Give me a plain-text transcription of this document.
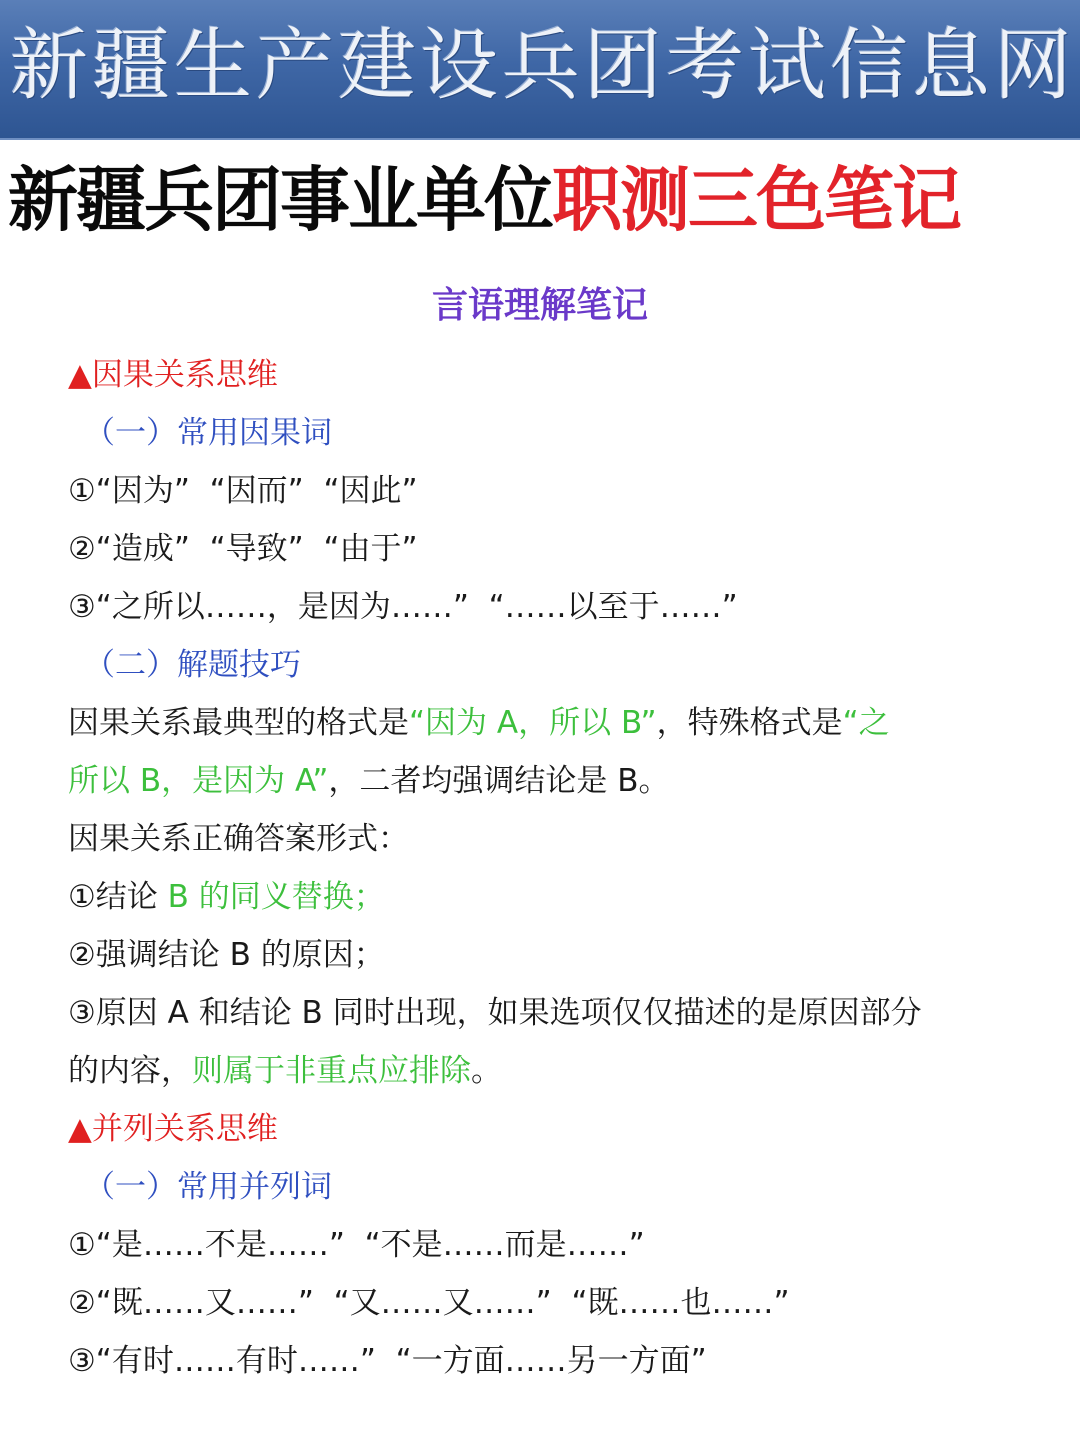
新疆生产建设兵团考试信息网
新疆兵团事业单位职测三色笔记
言语理解笔记
▲因果关系思维
（一）常用因果词
①“因为”  “因而”  “因此”
②“造成”  “导致”  “由于”
③“之所以……，是因为……”  “……以至于……”
（二）解题技巧
因果关系最典型的格式是“因为 A，所以 B”，特殊格式是“之
所以 B，是因为 A”，二者均强调结论是 B。
因果关系正确答案形式：
①结论 B 的同义替换；
②强调结论 B 的原因；
③原因 A 和结论 B 同时出现，如果选项仅仅描述的是原因部分
的内容，则属于非重点应排除。
▲并列关系思维
（一）常用并列词
①“是……不是……”  “不是……而是……”
②“既……又……”  “又……又……”  “既……也……”
③“有时……有时……”  “一方面……另一方面”
